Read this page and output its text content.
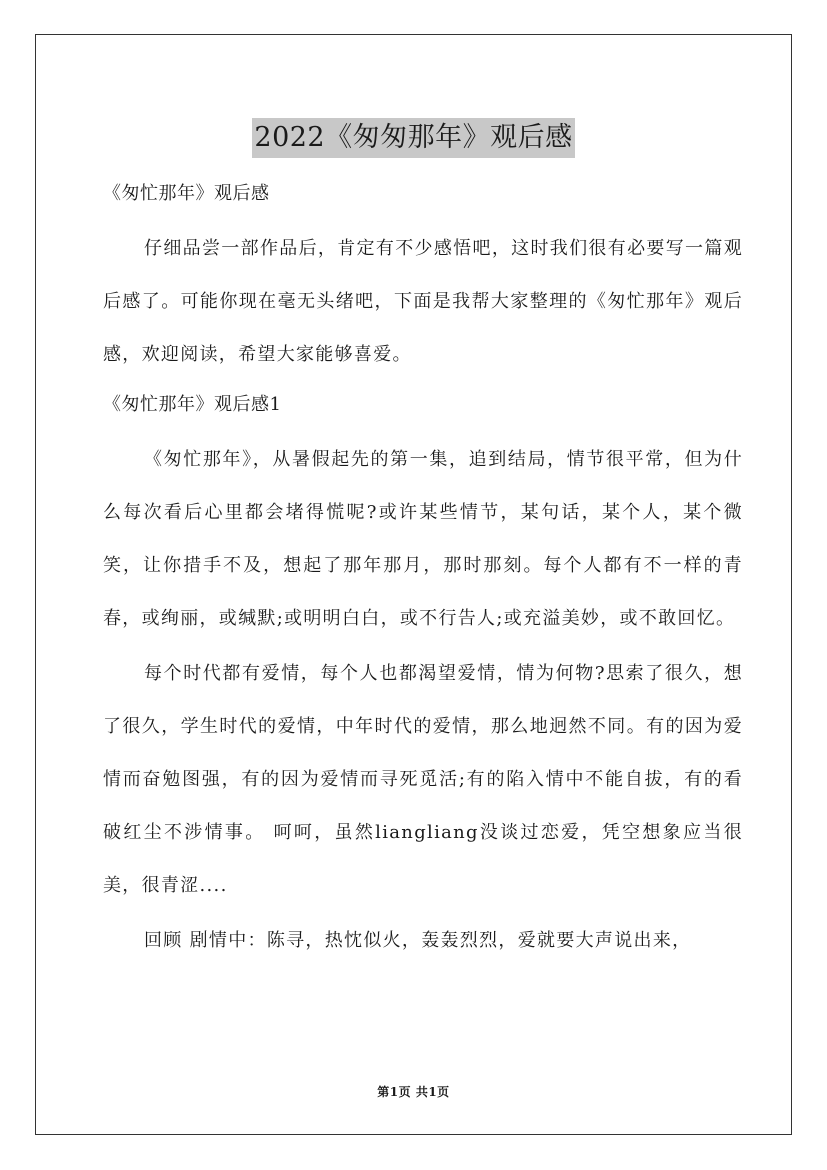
2022《匆匆那年》观后感

《匆忙那年》观后感

仔细品尝一部作品后，肯定有不少感悟吧，这时我们很有必要写一篇观后感了。可能你现在毫无头绪吧，下面是我帮大家整理的《匆忙那年》观后感，欢迎阅读，希望大家能够喜爱。

《匆忙那年》观后感1

《匆忙那年》，从暑假起先的第一集，追到结局，情节很平常，但为什么每次看后心里都会堵得慌呢?或许某些情节，某句话，某个人，某个微笑，让你措手不及，想起了那年那月，那时那刻。每个人都有不一样的青春，或绚丽，或缄默;或明明白白，或不行告人;或充溢美妙，或不敢回忆。

每个时代都有爱情，每个人也都渴望爱情，情为何物?思索了很久，想了很久，学生时代的爱情，中年时代的爱情，那么地迥然不同。有的因为爱情而奋勉图强，有的因为爱情而寻死觅活;有的陷入情中不能自拔，有的看破红尘不涉情事。 呵呵，虽然liangliang没谈过恋爱，凭空想象应当很美，很青涩....

回顾 剧情中：陈寻，热忱似火，轰轰烈烈，爱就要大声说出来，

第1页 共1页
